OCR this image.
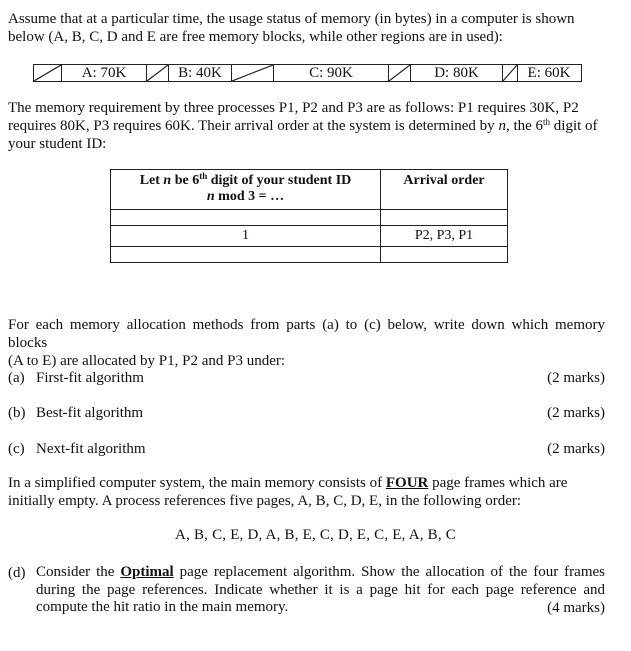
Assume that at a particular time, the usage status of memory (in bytes) in a computer is shown
below (A, B, C, D and E are free memory blocks, while other regions are in used):

A: 70K	B: 40K	C: 90K	D: 80K	E: 60K

The memory requirement by three processes P1, P2 and P3 are as follows: P1 requires 30K, P2
requires 80K, P3 requires 60K. Their arrival order at the system is determined by n, the 6th digit of
your student ID:

Let n be 6th digit of your student ID
n mod 3 = …	Arrival order

1	P2, P3, P1

For each memory allocation methods from parts (a) to (c) below, write down which memory blocks
(A to E) are allocated by P1, P2 and P3 under:

(a) First-fit algorithm	(2 marks)
(b) Best-fit algorithm	(2 marks)
(c) Next-fit algorithm	(2 marks)

In a simplified computer system, the main memory consists of FOUR page frames which are
initially empty. A process references five pages, A, B, C, D, E, in the following order:

A, B, C, E, D, A, B, E, C, D, E, C, E, A, B, C
(d) Consider the Optimal page replacement algorithm. Show the allocation of the four frames during the page references. Indicate whether it is a page hit for each page reference and compute the hit ratio in the main memory.	(4 marks)
